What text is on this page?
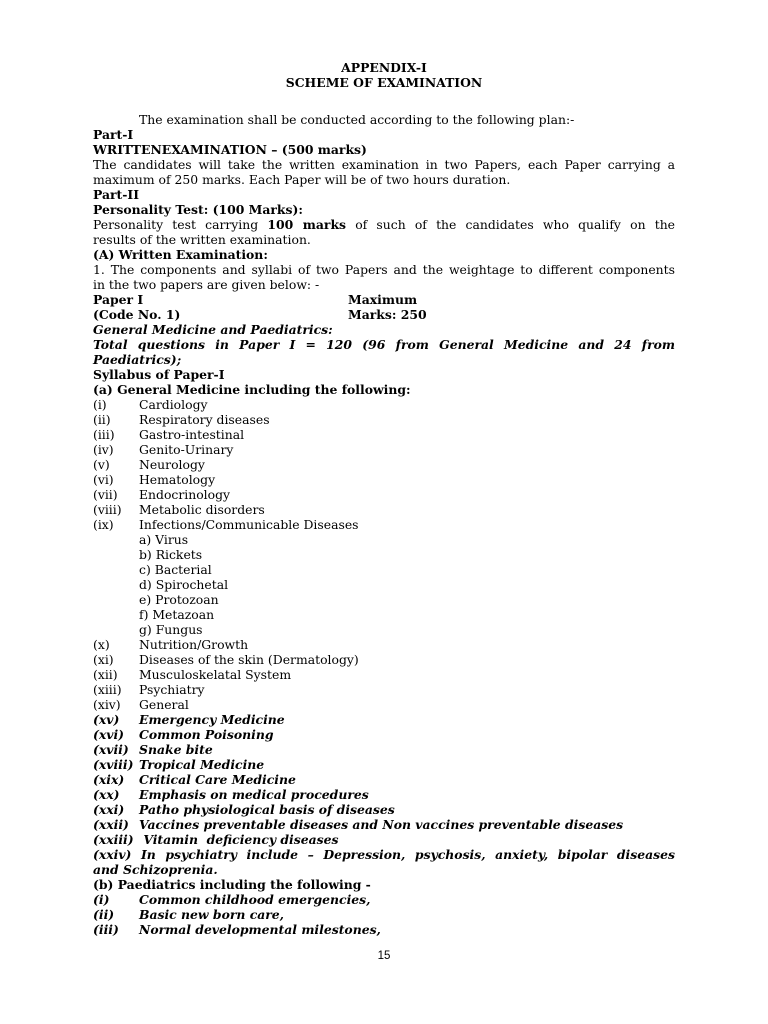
APPENDIX-I
SCHEME OF EXAMINATION
The examination shall be conducted according to the following plan:-
Part-I
WRITTENEXAMINATION – (500 marks)
The candidates will take the written examination in two Papers, each Paper carrying a
maximum of 250 marks. Each Paper will be of two hours duration.
Part-II
Personality Test: (100 Marks):
Personality test carrying 100 marks of such of the candidates who qualify on the
results of the written examination.
(A) Written Examination:
1. The components and syllabi of two Papers and the weightage to different components
in the two papers are given below: -
Paper I	Maximum
(Code No. 1)	Marks: 250
General Medicine and Paediatrics:
Total questions in Paper I = 120 (96 from General Medicine and 24 from
Paediatrics);
Syllabus of Paper-I
(a) General Medicine including the following:
(i)	Cardiology
(ii)	Respiratory diseases
(iii)	Gastro-intestinal
(iv)	Genito-Urinary
(v)	Neurology
(vi)	Hematology
(vii)	Endocrinology
(viii)	Metabolic disorders
(ix)	Infections/Communicable Diseases
a) Virus
b) Rickets
c) Bacterial
d) Spirochetal
e) Protozoan
f) Metazoan
g) Fungus
(x)	Nutrition/Growth
(xi)	Diseases of the skin (Dermatology)
(xii)	Musculoskelatal System
(xiii)	Psychiatry
(xiv)	General
(xv)	Emergency Medicine
(xvi)	Common Poisoning
(xvii) Snake bite
(xviii) Tropical Medicine
(xix)	Critical Care Medicine
(xx)	Emphasis on medical procedures
(xxi)	Patho physiological basis of diseases
(xxii) Vaccines preventable diseases and Non vaccines preventable diseases
(xxiii) Vitamin  deficiency diseases
(xxiv) In psychiatry include – Depression, psychosis, anxiety, bipolar diseases
and Schizoprenia.
(b) Paediatrics including the following -
(i)	Common childhood emergencies,
(ii)	Basic new born care,
(iii)	Normal developmental milestones,
15
